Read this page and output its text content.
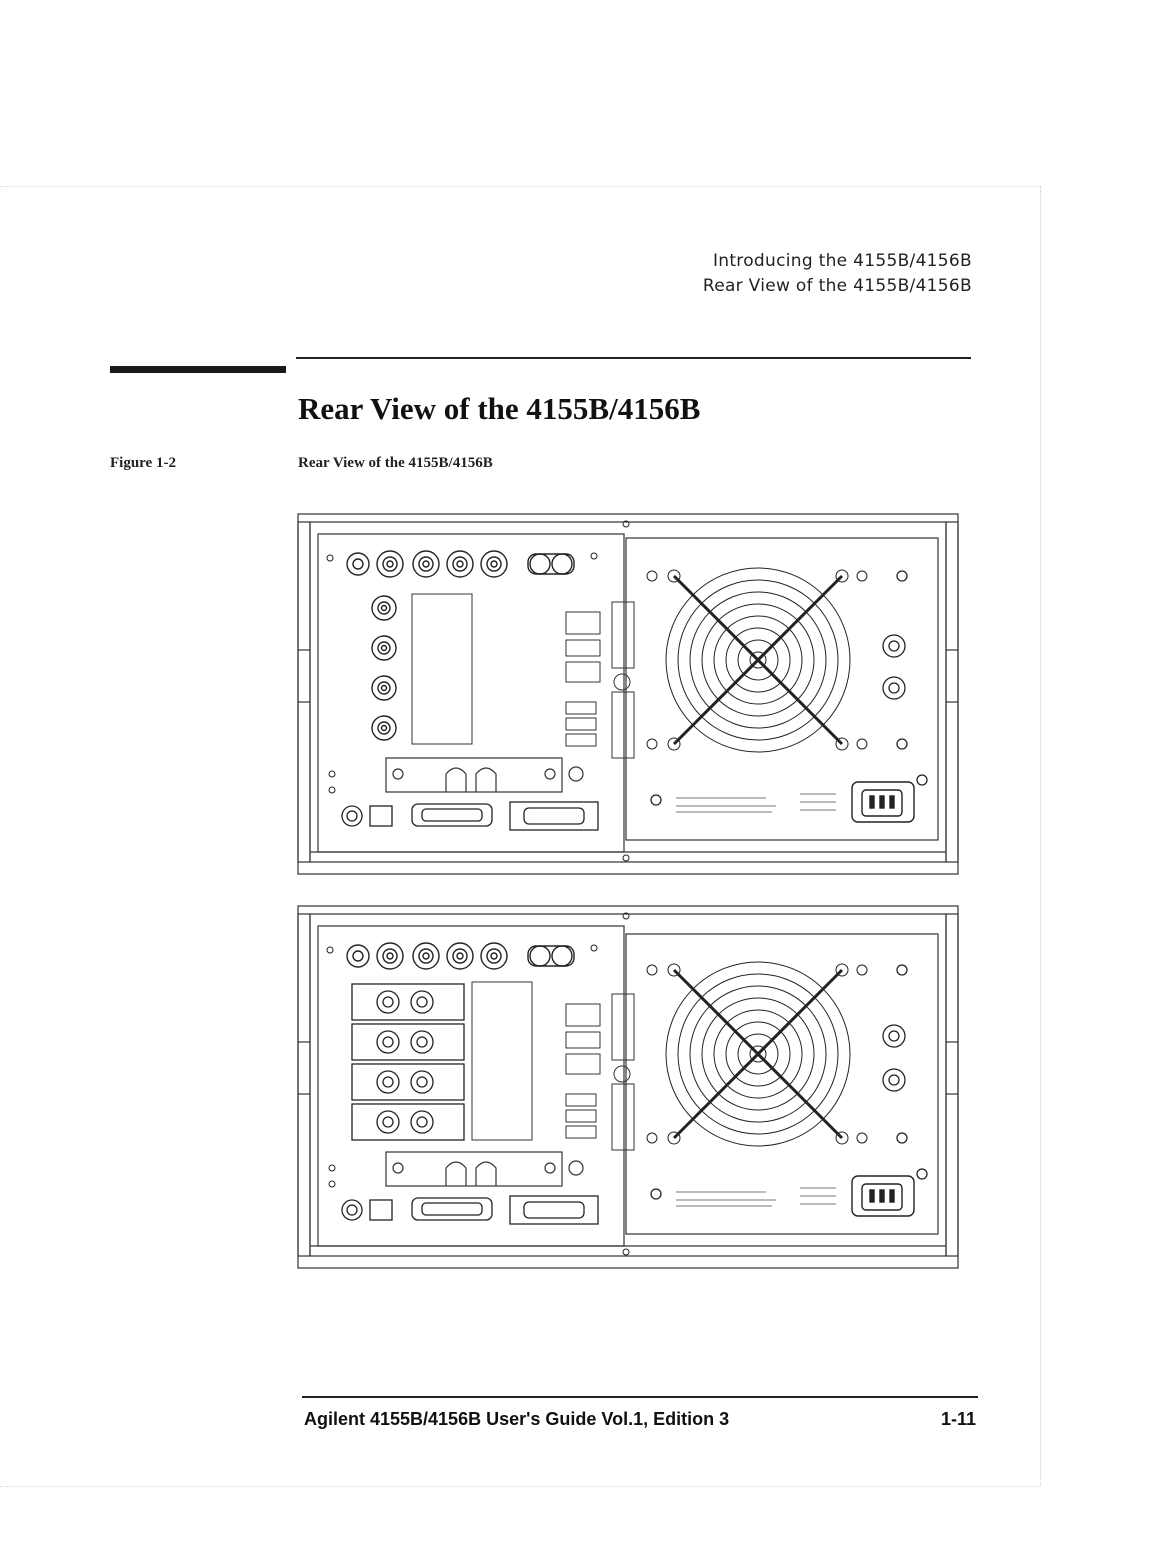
Introducing the 4155B/4156B
Rear View of the 4155B/4156B
Rear View of the 4155B/4156B
Figure 1-2	Rear View of the 4155B/4156B
Agilent 4155B/4156B User's Guide Vol.1, Edition 3	1-11
